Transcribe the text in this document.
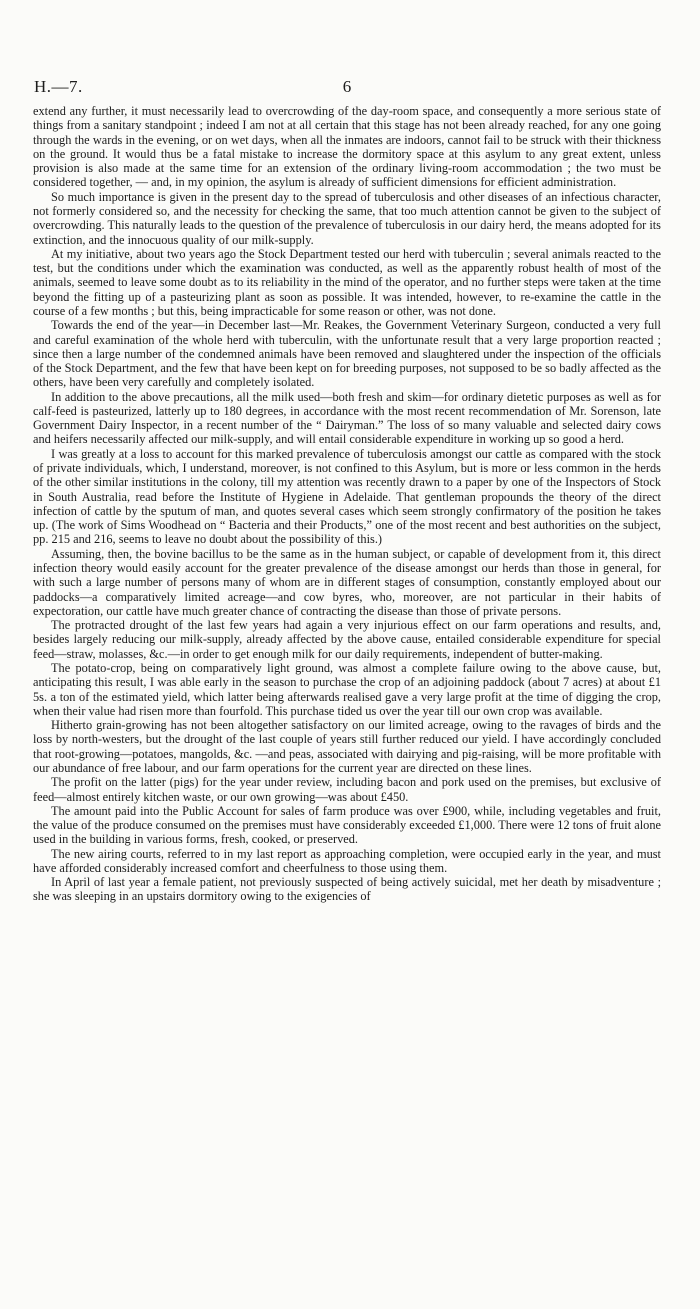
H.—7.	6

extend any further, it must necessarily lead to overcrowding of the day-room space, and consequently a more serious state of things from a sanitary standpoint ; indeed I am not at all certain that this stage has not been already reached, for any one going through the wards in the evening, or on wet days, when all the inmates are indoors, cannot fail to be struck with their thickness on the ground. It would thus be a fatal mistake to increase the dormitory space at this asylum to any great extent, unless provision is also made at the same time for an extension of the ordinary living-room accommodation ; the two must be considered together, — and, in my opinion, the asylum is already of sufficient dimensions for efficient administration.

So much importance is given in the present day to the spread of tuberculosis and other diseases of an infectious character, not formerly considered so, and the necessity for checking the same, that too much attention cannot be given to the subject of overcrowding. This naturally leads to the question of the prevalence of tuberculosis in our dairy herd, the means adopted for its extinction, and the innocuous quality of our milk-supply.

At my initiative, about two years ago the Stock Department tested our herd with tuberculin ; several animals reacted to the test, but the conditions under which the examination was conducted, as well as the apparently robust health of most of the animals, seemed to leave some doubt as to its reliability in the mind of the operator, and no further steps were taken at the time beyond the fitting up of a pasteurizing plant as soon as possible. It was intended, however, to re-examine the cattle in the course of a few months ; but this, being impracticable for some reason or other, was not done.

Towards the end of the year—in December last—Mr. Reakes, the Government Veterinary Surgeon, conducted a very full and careful examination of the whole herd with tuberculin, with the unfortunate result that a very large proportion reacted ; since then a large number of the condemned animals have been removed and slaughtered under the inspection of the officials of the Stock Department, and the few that have been kept on for breeding purposes, not supposed to be so badly affected as the others, have been very carefully and completely isolated.

In addition to the above precautions, all the milk used—both fresh and skim—for ordinary dietetic purposes as well as for calf-feed is pasteurized, latterly up to 180 degrees, in accordance with the most recent recommendation of Mr. Sorenson, late Government Dairy Inspector, in a recent number of the “ Dairyman.” The loss of so many valuable and selected dairy cows and heifers necessarily affected our milk-supply, and will entail considerable expenditure in working up so good a herd.

I was greatly at a loss to account for this marked prevalence of tuberculosis amongst our cattle as compared with the stock of private individuals, which, I understand, moreover, is not confined to this Asylum, but is more or less common in the herds of the other similar institutions in the colony, till my attention was recently drawn to a paper by one of the Inspectors of Stock in South Australia, read before the Institute of Hygiene in Adelaide. That gentleman propounds the theory of the direct infection of cattle by the sputum of man, and quotes several cases which seem strongly confirmatory of the position he takes up. (The work of Sims Woodhead on “ Bacteria and their Products,” one of the most recent and best authorities on the subject, pp. 215 and 216, seems to leave no doubt about the possibility of this.)

Assuming, then, the bovine bacillus to be the same as in the human subject, or capable of development from it, this direct infection theory would easily account for the greater prevalence of the disease amongst our herds than those in general, for with such a large number of persons many of whom are in different stages of consumption, constantly employed about our paddocks—a comparatively limited acreage—and cow byres, who, moreover, are not particular in their habits of expectoration, our cattle have much greater chance of contracting the disease than those of private persons.

The protracted drought of the last few years had again a very injurious effect on our farm operations and results, and, besides largely reducing our milk-supply, already affected by the above cause, entailed considerable expenditure for special feed—straw, molasses, &c.—in order to get enough milk for our daily requirements, independent of butter-making.

The potato-crop, being on comparatively light ground, was almost a complete failure owing to the above cause, but, anticipating this result, I was able early in the season to purchase the crop of an adjoining paddock (about 7 acres) at about £1 5s. a ton of the estimated yield, which latter being afterwards realised gave a very large profit at the time of digging the crop, when their value had risen more than fourfold. This purchase tided us over the year till our own crop was available.

Hitherto grain-growing has not been altogether satisfactory on our limited acreage, owing to the ravages of birds and the loss by north-westers, but the drought of the last couple of years still further reduced our yield. I have accordingly concluded that root-growing—potatoes, mangolds, &c. —and peas, associated with dairying and pig-raising, will be more profitable with our abundance of free labour, and our farm operations for the current year are directed on these lines.

The profit on the latter (pigs) for the year under review, including bacon and pork used on the premises, but exclusive of feed—almost entirely kitchen waste, or our own growing—was about £450.

The amount paid into the Public Account for sales of farm produce was over £900, while, including vegetables and fruit, the value of the produce consumed on the premises must have considerably exceeded £1,000. There were 12 tons of fruit alone used in the building in various forms, fresh, cooked, or preserved.

The new airing courts, referred to in my last report as approaching completion, were occupied early in the year, and must have afforded considerably increased comfort and cheerfulness to those using them.

In April of last year a female patient, not previously suspected of being actively suicidal, met her death by misadventure ; she was sleeping in an upstairs dormitory owing to the exigencies of
